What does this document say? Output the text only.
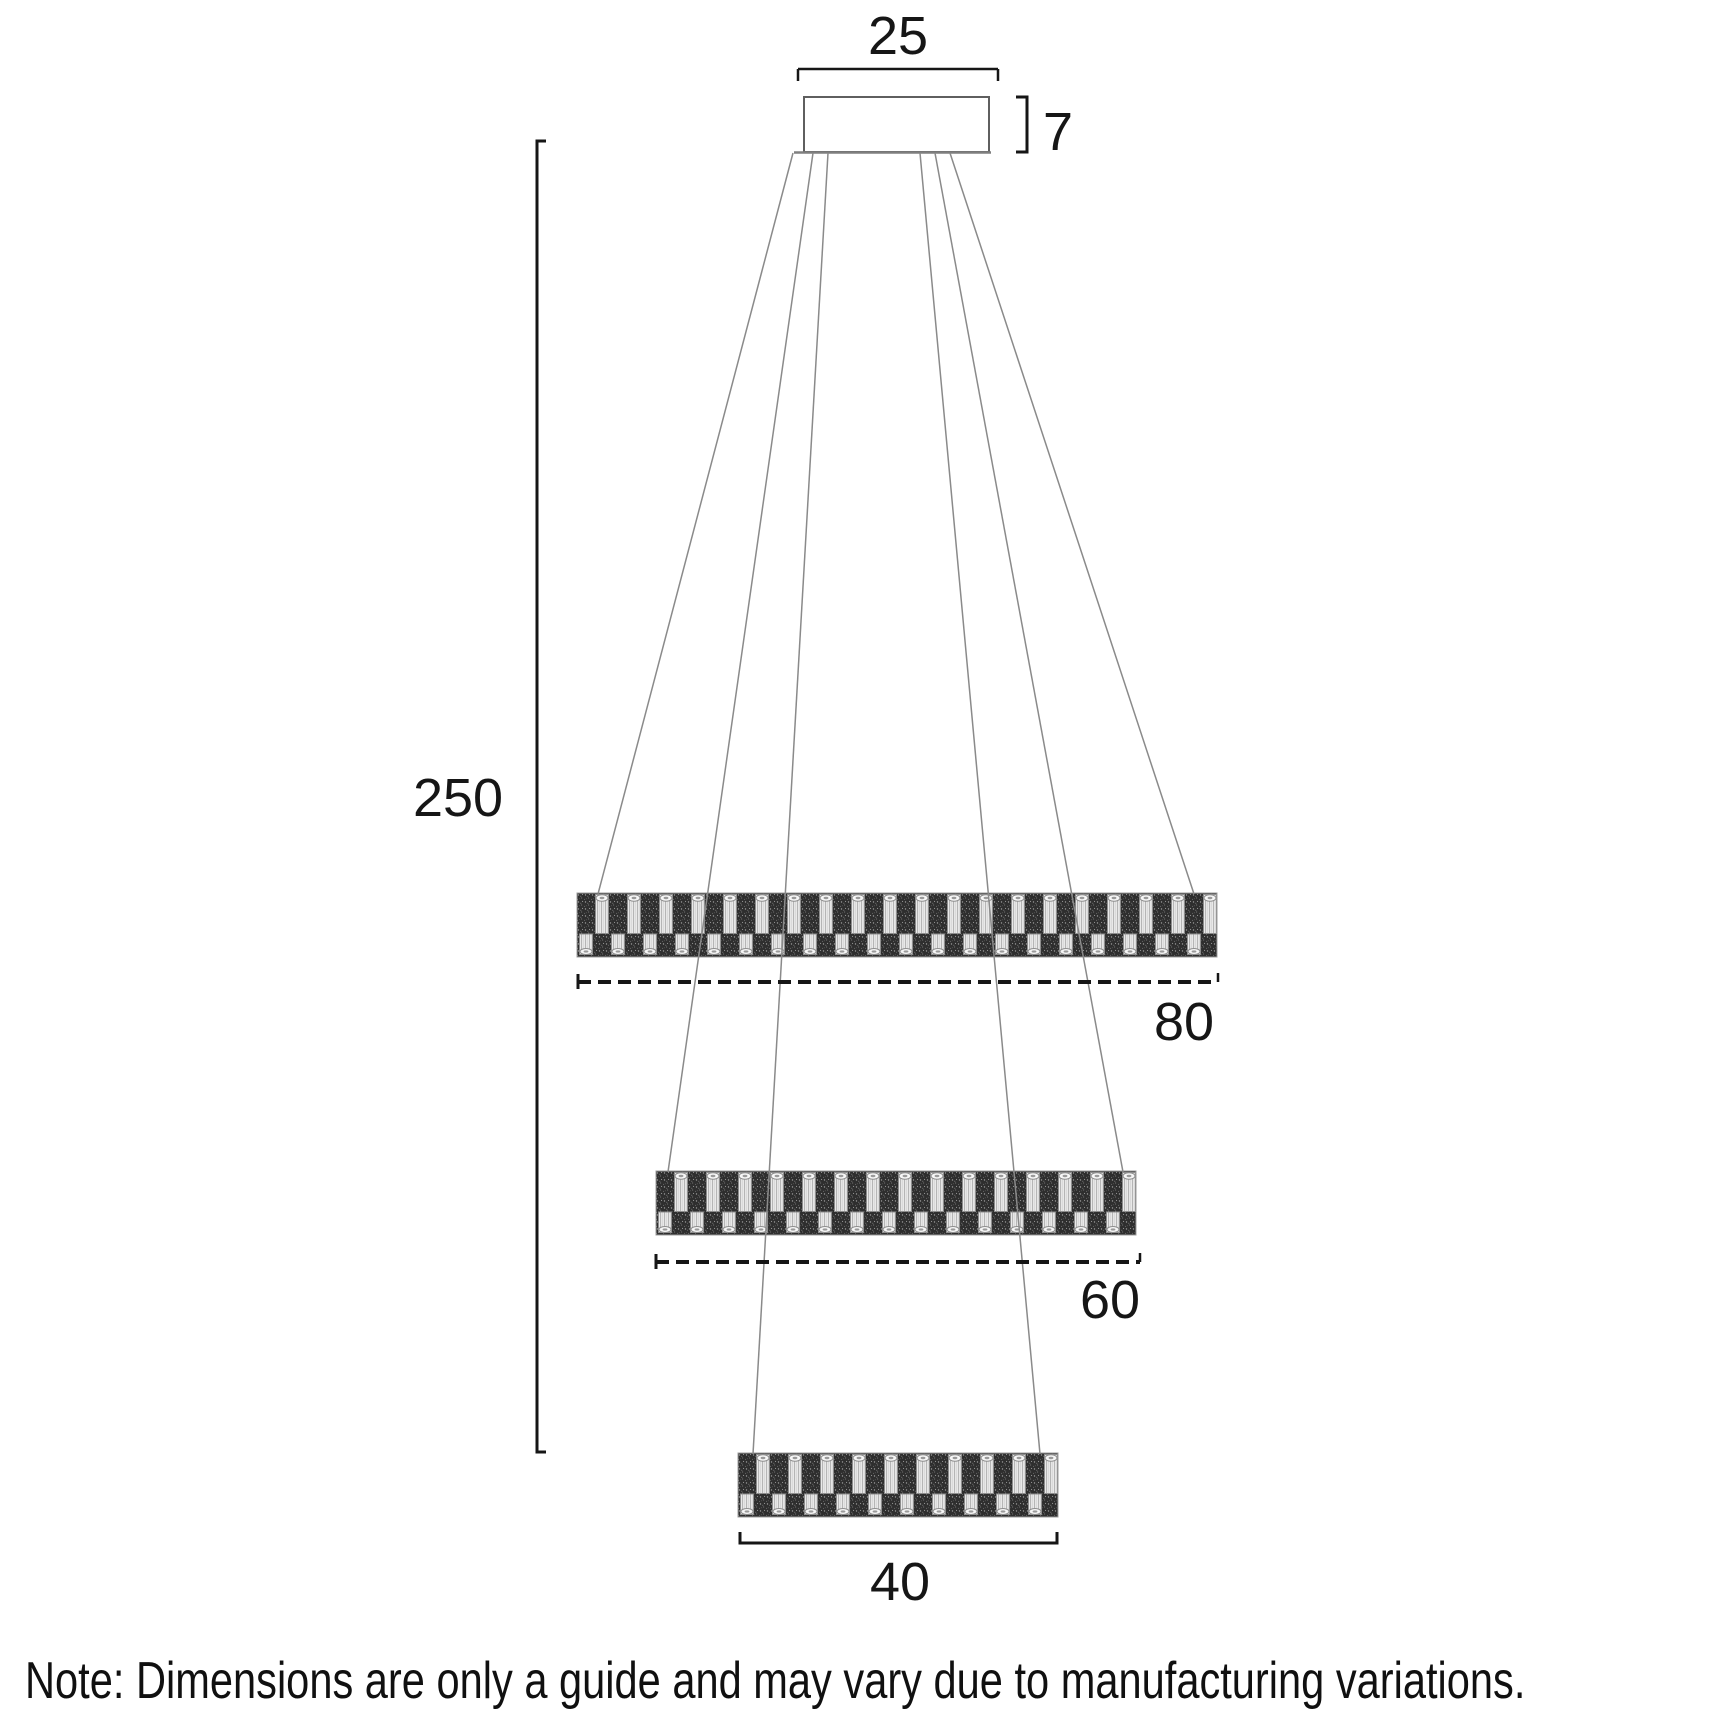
25
7
250
80
60
40
Note: Dimensions are only a guide and may vary due to manufacturing variations.
